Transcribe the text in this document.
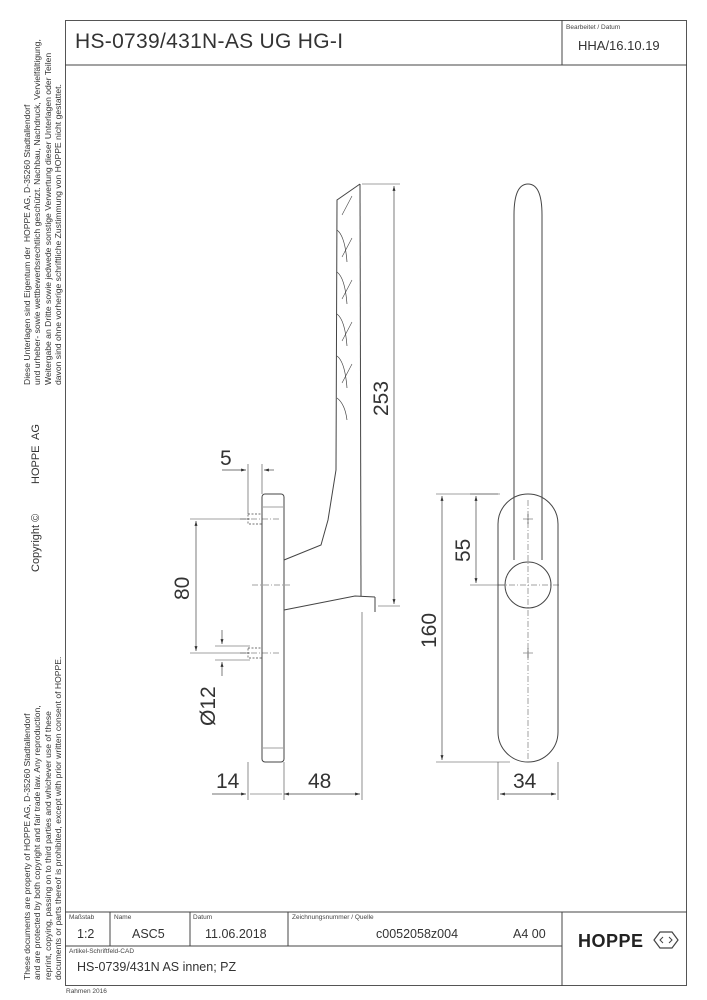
Diese Unterlagen sind Eigentum der  HOPPE AG, D-35260 Stadtallendorf
und urheber- sowie wettbewerbsrechtlich geschützt. Nachbau, Nachdruck, Vervielfältigung,
Weitergabe an Dritte sowie jedwede sonstige Verwertung dieser Unterlagen oder Teilen
davon sind ohne vorherige schriftliche Zustimmung von HOPPE nicht gestattet.
HOPPE  AG
Copyright ©
These documents are property of HOPPE AG, D-35260 Stadtallendorf
and are protected by both copyright and fair trade law. Any reproduction,
reprint, copying, passing on to third parties and whichever use of these
documents or parts thereof is prohibited, except with prior written consent of HOPPE.
HS-0739/431N-AS UG HG-I
Bearbeitet / Datum
HHA/16.10.19
253
5
80
Ø12
14	48
55
160
34
Maßstab
1:2
Name
ASC5
Datum
11.06.2018
Zeichnungsnummer / Quelle
c0052058z004	A4 00
Artikel-Schriftfeld-CAD
HS-0739/431N AS innen; PZ
HOPPE
Rahmen 2016
